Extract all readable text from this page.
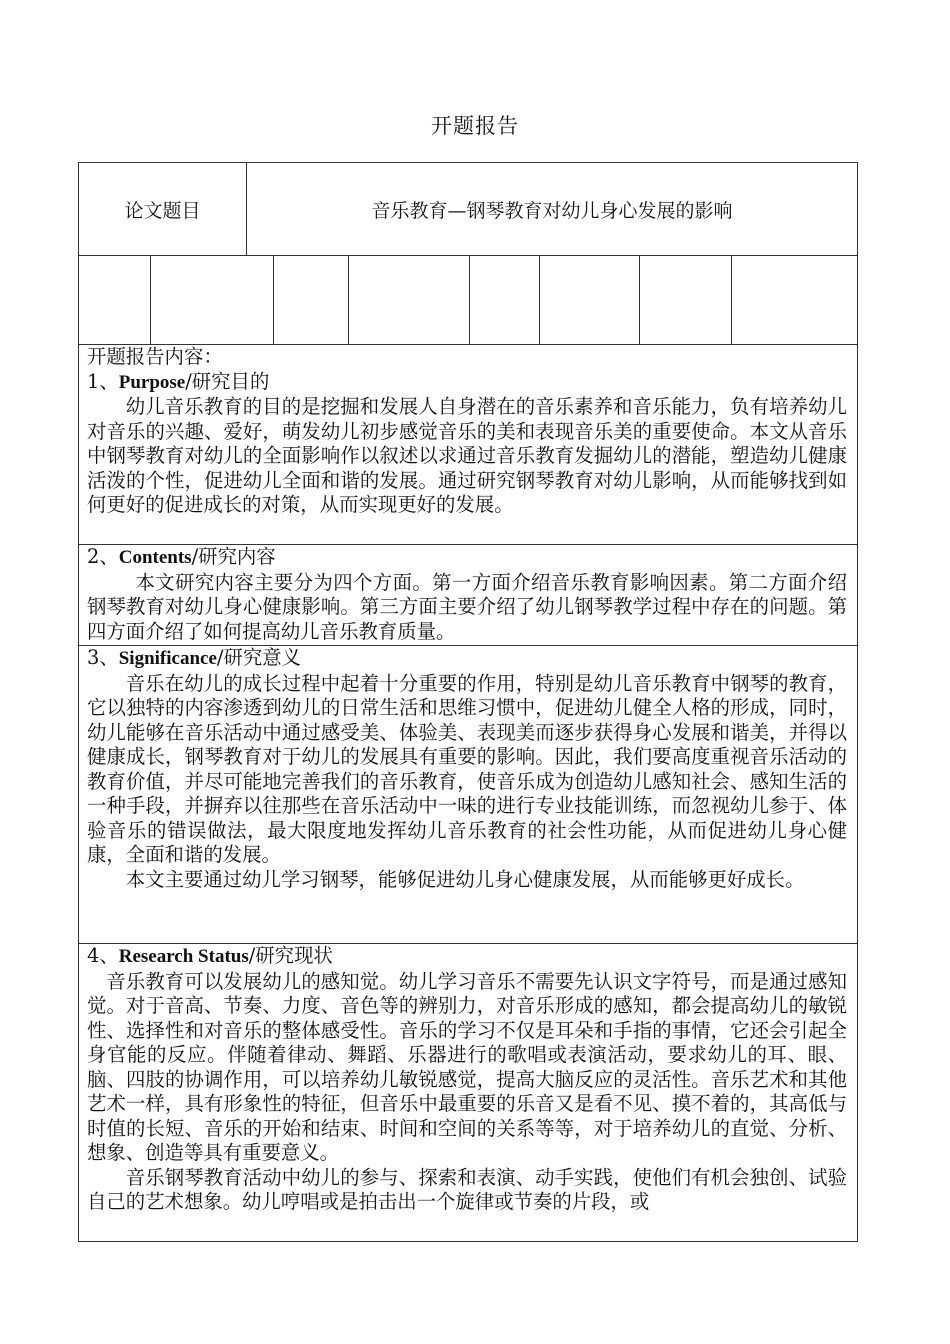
开题报告
论文题目	音乐教育—钢琴教育对幼儿身心发展的影响

开题报告内容：

1、Purpose/研究目的

幼儿音乐教育的目的是挖掘和发展人自身潜在的音乐素养和音乐能力，负有培养幼儿对音乐的兴趣、爱好，萌发幼儿初步感觉音乐的美和表现音乐美的重要使命。本文从音乐中钢琴教育对幼儿的全面影响作以叙述以求通过音乐教育发掘幼儿的潜能，塑造幼儿健康活泼的个性，促进幼儿全面和谐的发展。通过研究钢琴教育对幼儿影响，从而能够找到如何更好的促进成长的对策，从而实现更好的发展。

2、Contents/研究内容

本文研究内容主要分为四个方面。第一方面介绍音乐教育影响因素。第二方面介绍钢琴教育对幼儿身心健康影响。第三方面主要介绍了幼儿钢琴教学过程中存在的问题。第四方面介绍了如何提高幼儿音乐教育质量。

3、Significance/研究意义

音乐在幼儿的成长过程中起着十分重要的作用，特别是幼儿音乐教育中钢琴的教育，它以独特的内容渗透到幼儿的日常生活和思维习惯中，促进幼儿健全人格的形成，同时，幼儿能够在音乐活动中通过感受美、体验美、表现美而逐步获得身心发展和谐美，并得以健康成长，钢琴教育对于幼儿的发展具有重要的影响。因此，我们要高度重视音乐活动的教育价值，并尽可能地完善我们的音乐教育，使音乐成为创造幼儿感知社会、感知生活的一种手段，并摒弃以往那些在音乐活动中一味的进行专业技能训练，而忽视幼儿参于、体验音乐的错误做法，最大限度地发挥幼儿音乐教育的社会性功能，从而促进幼儿身心健康，全面和谐的发展。

本文主要通过幼儿学习钢琴，能够促进幼儿身心健康发展，从而能够更好成长。

4、Research Status/研究现状

音乐教育可以发展幼儿的感知觉。幼儿学习音乐不需要先认识文字符号，而是通过感知觉。对于音高、节奏、力度、音色等的辨别力，对音乐形成的感知，都会提高幼儿的敏锐性、选择性和对音乐的整体感受性。音乐的学习不仅是耳朵和手指的事情，它还会引起全身官能的反应。伴随着律动、舞蹈、乐器进行的歌唱或表演活动，要求幼儿的耳、眼、脑、四肢的协调作用，可以培养幼儿敏锐感觉，提高大脑反应的灵活性。音乐艺术和其他艺术一样，具有形象性的特征，但音乐中最重要的乐音又是看不见、摸不着的，其高低与时值的长短、音乐的开始和结束、时间和空间的关系等等，对于培养幼儿的直觉、分析、想象、创造等具有重要意义。

音乐钢琴教育活动中幼儿的参与、探索和表演、动手实践，使他们有机会独创、试验自己的艺术想象。幼儿哼唱或是拍击出一个旋律或节奏的片段，或
